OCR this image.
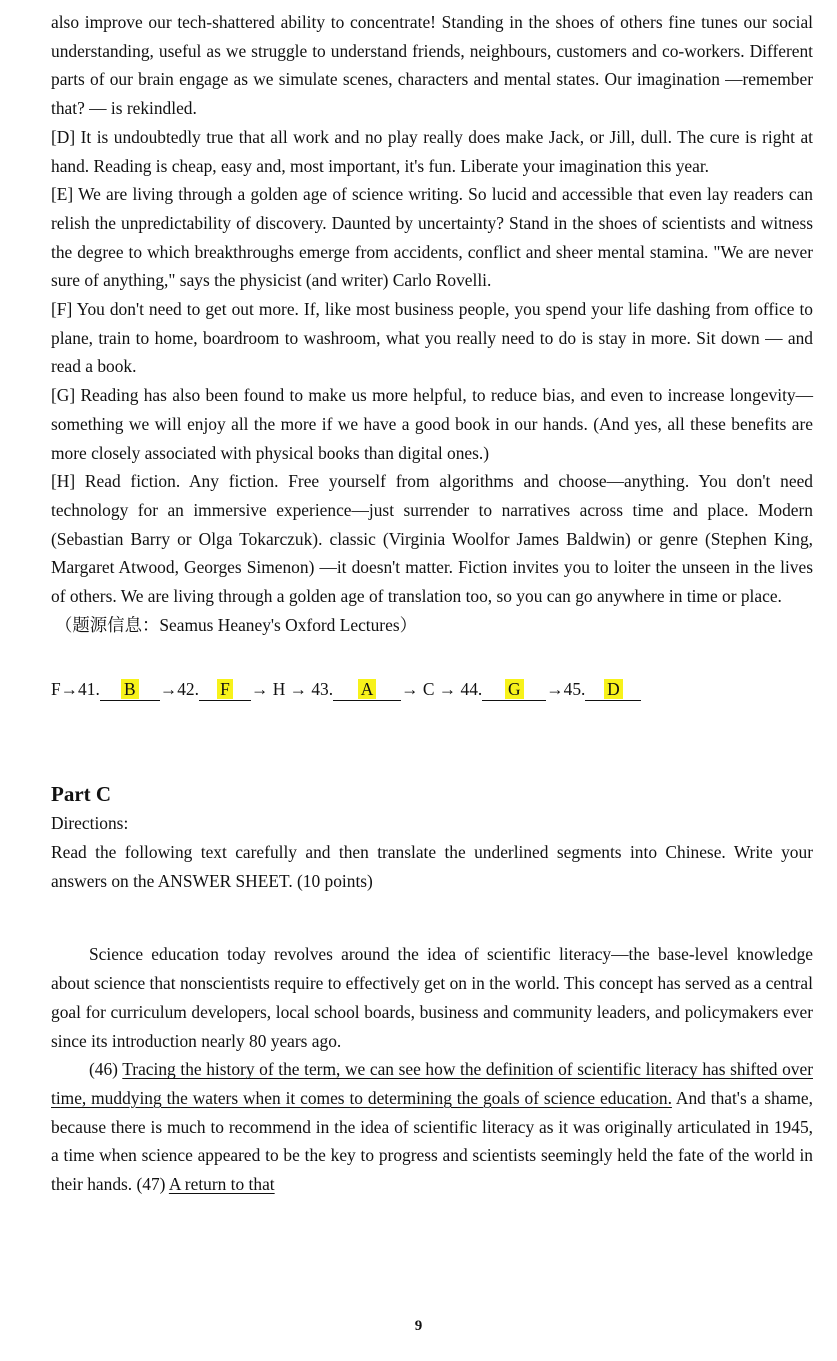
also improve our tech-shattered ability to concentrate! Standing in the shoes of others fine tunes our social understanding, useful as we struggle to understand friends, neighbours, customers and co-workers. Different parts of our brain engage as we simulate scenes, characters and mental states. Our imagination —remember that? — is rekindled.

[D] It is undoubtedly true that all work and no play really does make Jack, or Jill, dull. The cure is right at hand. Reading is cheap, easy and, most important, it's fun. Liberate your imagination this year.

[E] We are living through a golden age of science writing. So lucid and accessible that even lay readers can relish the unpredictability of discovery. Daunted by uncertainty? Stand in the shoes of scientists and witness the degree to which breakthroughs emerge from accidents, conflict and sheer mental stamina. "We are never sure of anything," says the physicist (and writer) Carlo Rovelli.

[F] You don't need to get out more. If, like most business people, you spend your life dashing from office to plane, train to home, boardroom to washroom, what you really need to do is stay in more. Sit down — and read a book.

[G] Reading has also been found to make us more helpful, to reduce bias, and even to increase longevity—something we will enjoy all the more if we have a good book in our hands. (And yes, all these benefits are more closely associated with physical books than digital ones.)

[H] Read fiction. Any fiction. Free yourself from algorithms and choose—anything. You don't need technology for an immersive experience—just surrender to narratives across time and place. Modern (Sebastian Barry or Olga Tokarczuk). classic (Virginia Woolfor James Baldwin) or genre (Stephen King, Margaret Atwood, Georges Simenon) —it doesn't matter. Fiction invites you to loiter the unseen in the lives of others. We are living through a golden age of translation too, so you can go anywhere in time or place.

（题源信息：Seamus Heaney's Oxford Lectures）

F→41. B →42. F → H → 43. A → C → 44. G →45. D
Part C

Directions:

Read the following text carefully and then translate the underlined segments into Chinese. Write your answers on the ANSWER SHEET. (10 points)

Science education today revolves around the idea of scientific literacy—the base-level knowledge about science that nonscientists require to effectively get on in the world. This concept has served as a central goal for curriculum developers, local school boards, business and community leaders, and policymakers ever since its introduction nearly 80 years ago.

(46) Tracing the history of the term, we can see how the definition of scientific literacy has shifted over time, muddying the waters when it comes to determining the goals of science education. And that's a shame, because there is much to recommend in the idea of scientific literacy as it was originally articulated in 1945, a time when science appeared to be the key to progress and scientists seemingly held the fate of the world in their hands. (47) A return to that

9
